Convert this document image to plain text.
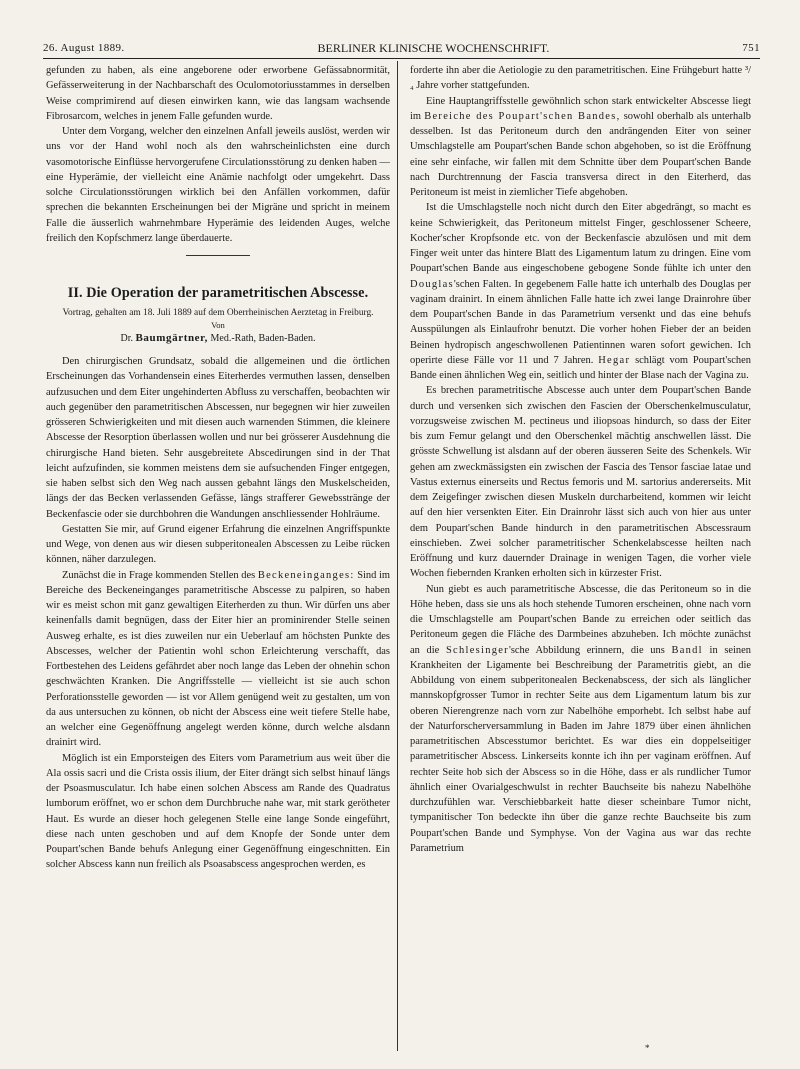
26. August 1889.	BERLINER KLINISCHE WOCHENSCHRIFT.	751

gefunden zu haben, als eine angeborene oder erworbene Gefässabnormität, Gefässerweiterung in der Nachbarschaft des Oculomotoriusstammes in derselben Weise comprimirend auf diesen einwirken kann, wie das langsam wachsende Fibrosarcom, welches in jenem Falle gefunden wurde.

Unter dem Vorgang, welcher den einzelnen Anfall jeweils auslöst, werden wir uns vor der Hand wohl noch als den wahrscheinlichsten eine durch vasomotorische Einflüsse hervorgerufene Circulationsstörung zu denken haben — eine Hyperämie, der vielleicht eine Anämie nachfolgt oder umgekehrt. Dass solche Circulationsstörungen wirklich bei den Anfällen vorkommen, dafür sprechen die bekannten Erscheinungen bei der Migräne und spricht in meinem Falle die äusserlich wahrnehmbare Hyperämie des leidenden Auges, welche freilich den Kopfschmerz lange überdauerte.

II. Die Operation der parametritischen Abscesse.
Vortrag, gehalten am 18. Juli 1889 auf dem Oberrheinischen Aerztetag in Freiburg.
Von
Dr. Baumgärtner, Med.-Rath, Baden-Baden.

Den chirurgischen Grundsatz, sobald die allgemeinen und die örtlichen Erscheinungen das Vorhandensein eines Eiterherdes vermuthen lassen, denselben aufzusuchen und dem Eiter ungehinderten Abfluss zu verschaffen, beobachten wir auch gegenüber den parametritischen Abscessen, nur begegnen wir hier zuweilen grösseren Schwierigkeiten und mit diesen auch warnenden Stimmen, die kleinere Abscesse der Resorption überlassen wollen und nur bei grösserer Ausdehnung die chirurgische Hand bieten. Sehr ausgebreitete Abscedirungen sind in der That leicht aufzufinden, sie kommen meistens dem sie aufsuchenden Finger entgegen, sie haben selbst sich den Weg nach aussen gebahnt längs den Muskelscheiden, längs der das Becken verlassenden Gefässe, längs strafferer Gewebsstränge der Beckenfascie oder sie durchbohren die Wandungen anschliessender Hohlräume.

Gestatten Sie mir, auf Grund eigener Erfahrung die einzelnen Angriffspunkte und Wege, von denen aus wir diesen subperitonealen Abscessen zu Leibe rücken können, näher darzulegen.

Zunächst die in Frage kommenden Stellen des Beckeneinganges: Sind im Bereiche des Beckeneinganges parametritische Abscesse zu palpiren, so haben wir es meist schon mit ganz gewaltigen Eiterherden zu thun. Wir dürfen uns aber keinenfalls damit begnügen, dass der Eiter hier an prominirender Stelle seinen Ausweg erhalte, es ist dies zuweilen nur ein Ueberlauf am höchsten Punkte des Abscesses, welcher der Patientin wohl schon Erleichterung verschafft, das Fortbestehen des Leidens gefährdet aber noch lange das Leben der ohnehin schon geschwächten Kranken. Die Angriffsstelle — vielleicht ist sie auch schon Perforationsstelle geworden — ist vor Allem genügend weit zu gestalten, um von da aus untersuchen zu können, ob nicht der Abscess eine weit tiefere Stelle habe, an welcher eine Gegenöffnung angelegt werden könne, durch welche alsdann drainirt wird.

Möglich ist ein Emporsteigen des Eiters vom Parametrium aus weit über die Ala ossis sacri und die Crista ossis ilium, der Eiter drängt sich selbst hinauf längs der Psoasmusculatur. Ich habe einen solchen Abscess am Rande des Quadratus lumborum eröffnet, wo er schon dem Durchbruche nahe war, mit stark gerötheter Haut. Es wurde an dieser hoch gelegenen Stelle eine lange Sonde eingeführt, diese nach unten geschoben und auf dem Knopfe der Sonde unter dem Poupart'schen Bande behufs Anlegung einer Gegenöffnung eingeschnitten. Ein solcher Abscess kann nun freilich als Psoasabscess angesprochen werden, es

forderte ihn aber die Aetiologie zu den parametritischen. Eine Frühgeburt hatte ³/₄ Jahre vorher stattgefunden.

Eine Hauptangriffsstelle gewöhnlich schon stark entwickelter Abscesse liegt im Bereiche des Poupart'schen Bandes, sowohl oberhalb als unterhalb desselben. Ist das Peritoneum durch den andrängenden Eiter von seiner Umschlagstelle am Poupart'schen Bande schon abgehoben, so ist die Eröffnung eine sehr einfache, wir fallen mit dem Schnitte über dem Poupart'schen Bande nach Durchtrennung der Fascia transversa direct in den Eiterherd, das Peritoneum ist meist in ziemlicher Tiefe abgehoben.

Ist die Umschlagstelle noch nicht durch den Eiter abgedrängt, so macht es keine Schwierigkeit, das Peritoneum mittelst Finger, geschlossener Scheere, Kocher'scher Kropfsonde etc. von der Beckenfascie abzulösen und mit dem Finger weit unter das hintere Blatt des Ligamentum latum zu dringen. Eine vom Poupart'schen Bande aus eingeschobene gebogene Sonde fühlte ich unter den Douglas'schen Falten. In gegebenem Falle hatte ich unterhalb des Douglas per vaginam drainirt. In einem ähnlichen Falle hatte ich zwei lange Drainrohre über dem Poupart'schen Bande in das Parametrium versenkt und das eine behufs Ausspülungen als Einlaufrohr benutzt. Die vorher hohen Fieber der an beiden Beinen hydropisch angeschwollenen Patientinnen waren sofort gewichen. Ich operirte diese Fälle vor 11 und 7 Jahren. Hegar schlägt vom Poupart'schen Bande einen ähnlichen Weg ein, seitlich und hinter der Blase nach der Vagina zu.

Es brechen parametritische Abscesse auch unter dem Poupart'schen Bande durch und versenken sich zwischen den Fascien der Oberschenkelmusculatur, vorzugsweise zwischen M. pectineus und iliopsoas hindurch, so dass der Eiter bis zum Femur gelangt und den Oberschenkel mächtig anschwellen lässt. Die grösste Schwellung ist alsdann auf der oberen äusseren Seite des Schenkels. Wir gehen am zweckmässigsten ein zwischen der Fascia des Tensor fasciae latae und Vastus externus einerseits und Rectus femoris und M. sartorius andererseits. Mit dem Zeigefinger zwischen diesen Muskeln durcharbeitend, kommen wir leicht auf den hier versenkten Eiter. Ein Drainrohr lässt sich auch von hier aus unter dem Poupart'schen Bande hindurch in den parametritischen Abscessraum einschieben. Zwei solcher parametritischer Schenkelabscesse heilten nach Eröffnung und kurz dauernder Drainage in wenigen Tagen, die vorher viele Wochen fiebernden Kranken erholten sich in kürzester Frist.

Nun giebt es auch parametritische Abscesse, die das Peritoneum so in die Höhe heben, dass sie uns als hoch stehende Tumoren erscheinen, ohne nach vorn die Umschlagstelle am Poupart'schen Bande zu erreichen oder seitlich das Peritoneum gegen die Fläche des Darmbeines abzuheben. Ich möchte zunächst an die Schlesinger'sche Abbildung erinnern, die uns Bandl in seinen Krankheiten der Ligamente bei Beschreibung der Parametritis giebt, an die Abbildung von einem subperitonealen Beckenabscess, der sich als länglicher mannskopfgrosser Tumor in rechter Seite aus dem Ligamentum latum bis zur oberen Nierengrenze nach vorn zur Nabelhöhe emporhebt. Ich selbst habe auf der Naturforscherversammlung in Baden im Jahre 1879 über einen ähnlichen parametritischen Abscesstumor berichtet. Es war dies ein doppelseitiger parametritischer Abscess. Linkerseits konnte ich ihn per vaginam eröffnen. Auf rechter Seite hob sich der Abscess so in die Höhe, dass er als rundlicher Tumor ähnlich einer Ovarialgeschwulst in rechter Bauchseite bis nahezu Nabelhöhe durchzufühlen war. Verschiebbarkeit hatte dieser scheinbare Tumor nicht, tympanitischer Ton bedeckte ihn über die ganze rechte Bauchseite bis zum Poupart'schen Bande und Symphyse. Von der Vagina aus war das rechte Parametrium

*
